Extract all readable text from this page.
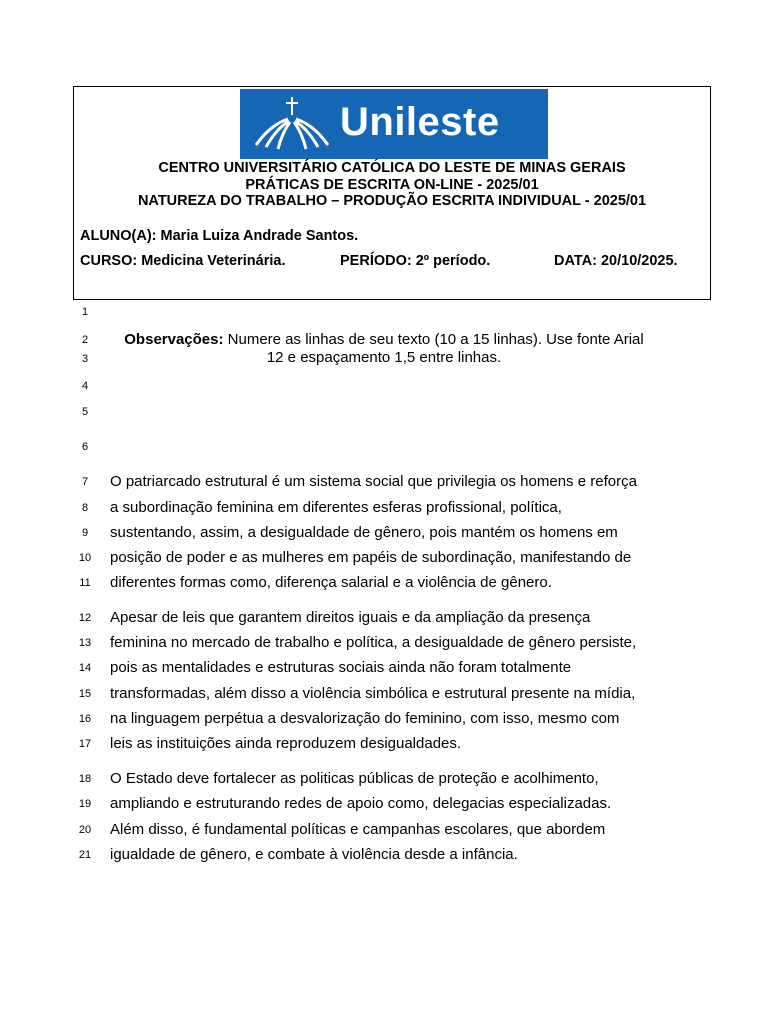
Unileste
CENTRO UNIVERSITÁRIO CATÓLICA DO LESTE DE MINAS GERAIS
PRÁTICAS DE ESCRITA ON-LINE - 2025/01
NATUREZA DO TRABALHO – PRODUÇÃO ESCRITA INDIVIDUAL - 2025/01
ALUNO(A): Maria Luiza Andrade Santos.
CURSO: Medicina Veterinária.	PERÍODO: 2º período.	DATA: 20/10/2025.
1
2
3
4
5
6
7
8
9
10
11
12
13
14
15
16
17
18
19
20
21
Observações: Numere as linhas de seu texto (10 a 15 linhas). Use fonte Arial
12 e espaçamento 1,5 entre linhas.
O patriarcado estrutural é um sistema social que privilegia os homens e reforça
a subordinação feminina em diferentes esferas profissional, política,
sustentando, assim, a desigualdade de gênero, pois mantém os homens em
posição de poder e as mulheres em papéis de subordinação, manifestando de
diferentes formas como, diferença salarial e a violência de gênero.
Apesar de leis que garantem direitos iguais e da ampliação da presença
feminina no mercado de trabalho e política, a desigualdade de gênero persiste,
pois as mentalidades e estruturas sociais ainda não foram totalmente
transformadas, além disso a violência simbólica e estrutural presente na mídia,
na linguagem perpétua a desvalorização do feminino, com isso, mesmo com
leis as instituições ainda reproduzem desigualdades.
O Estado deve fortalecer as politicas públicas de proteção e acolhimento,
ampliando e estruturando redes de apoio como, delegacias especializadas.
Além disso, é fundamental políticas e campanhas escolares, que abordem
igualdade de gênero, e combate à violência desde a infância.
